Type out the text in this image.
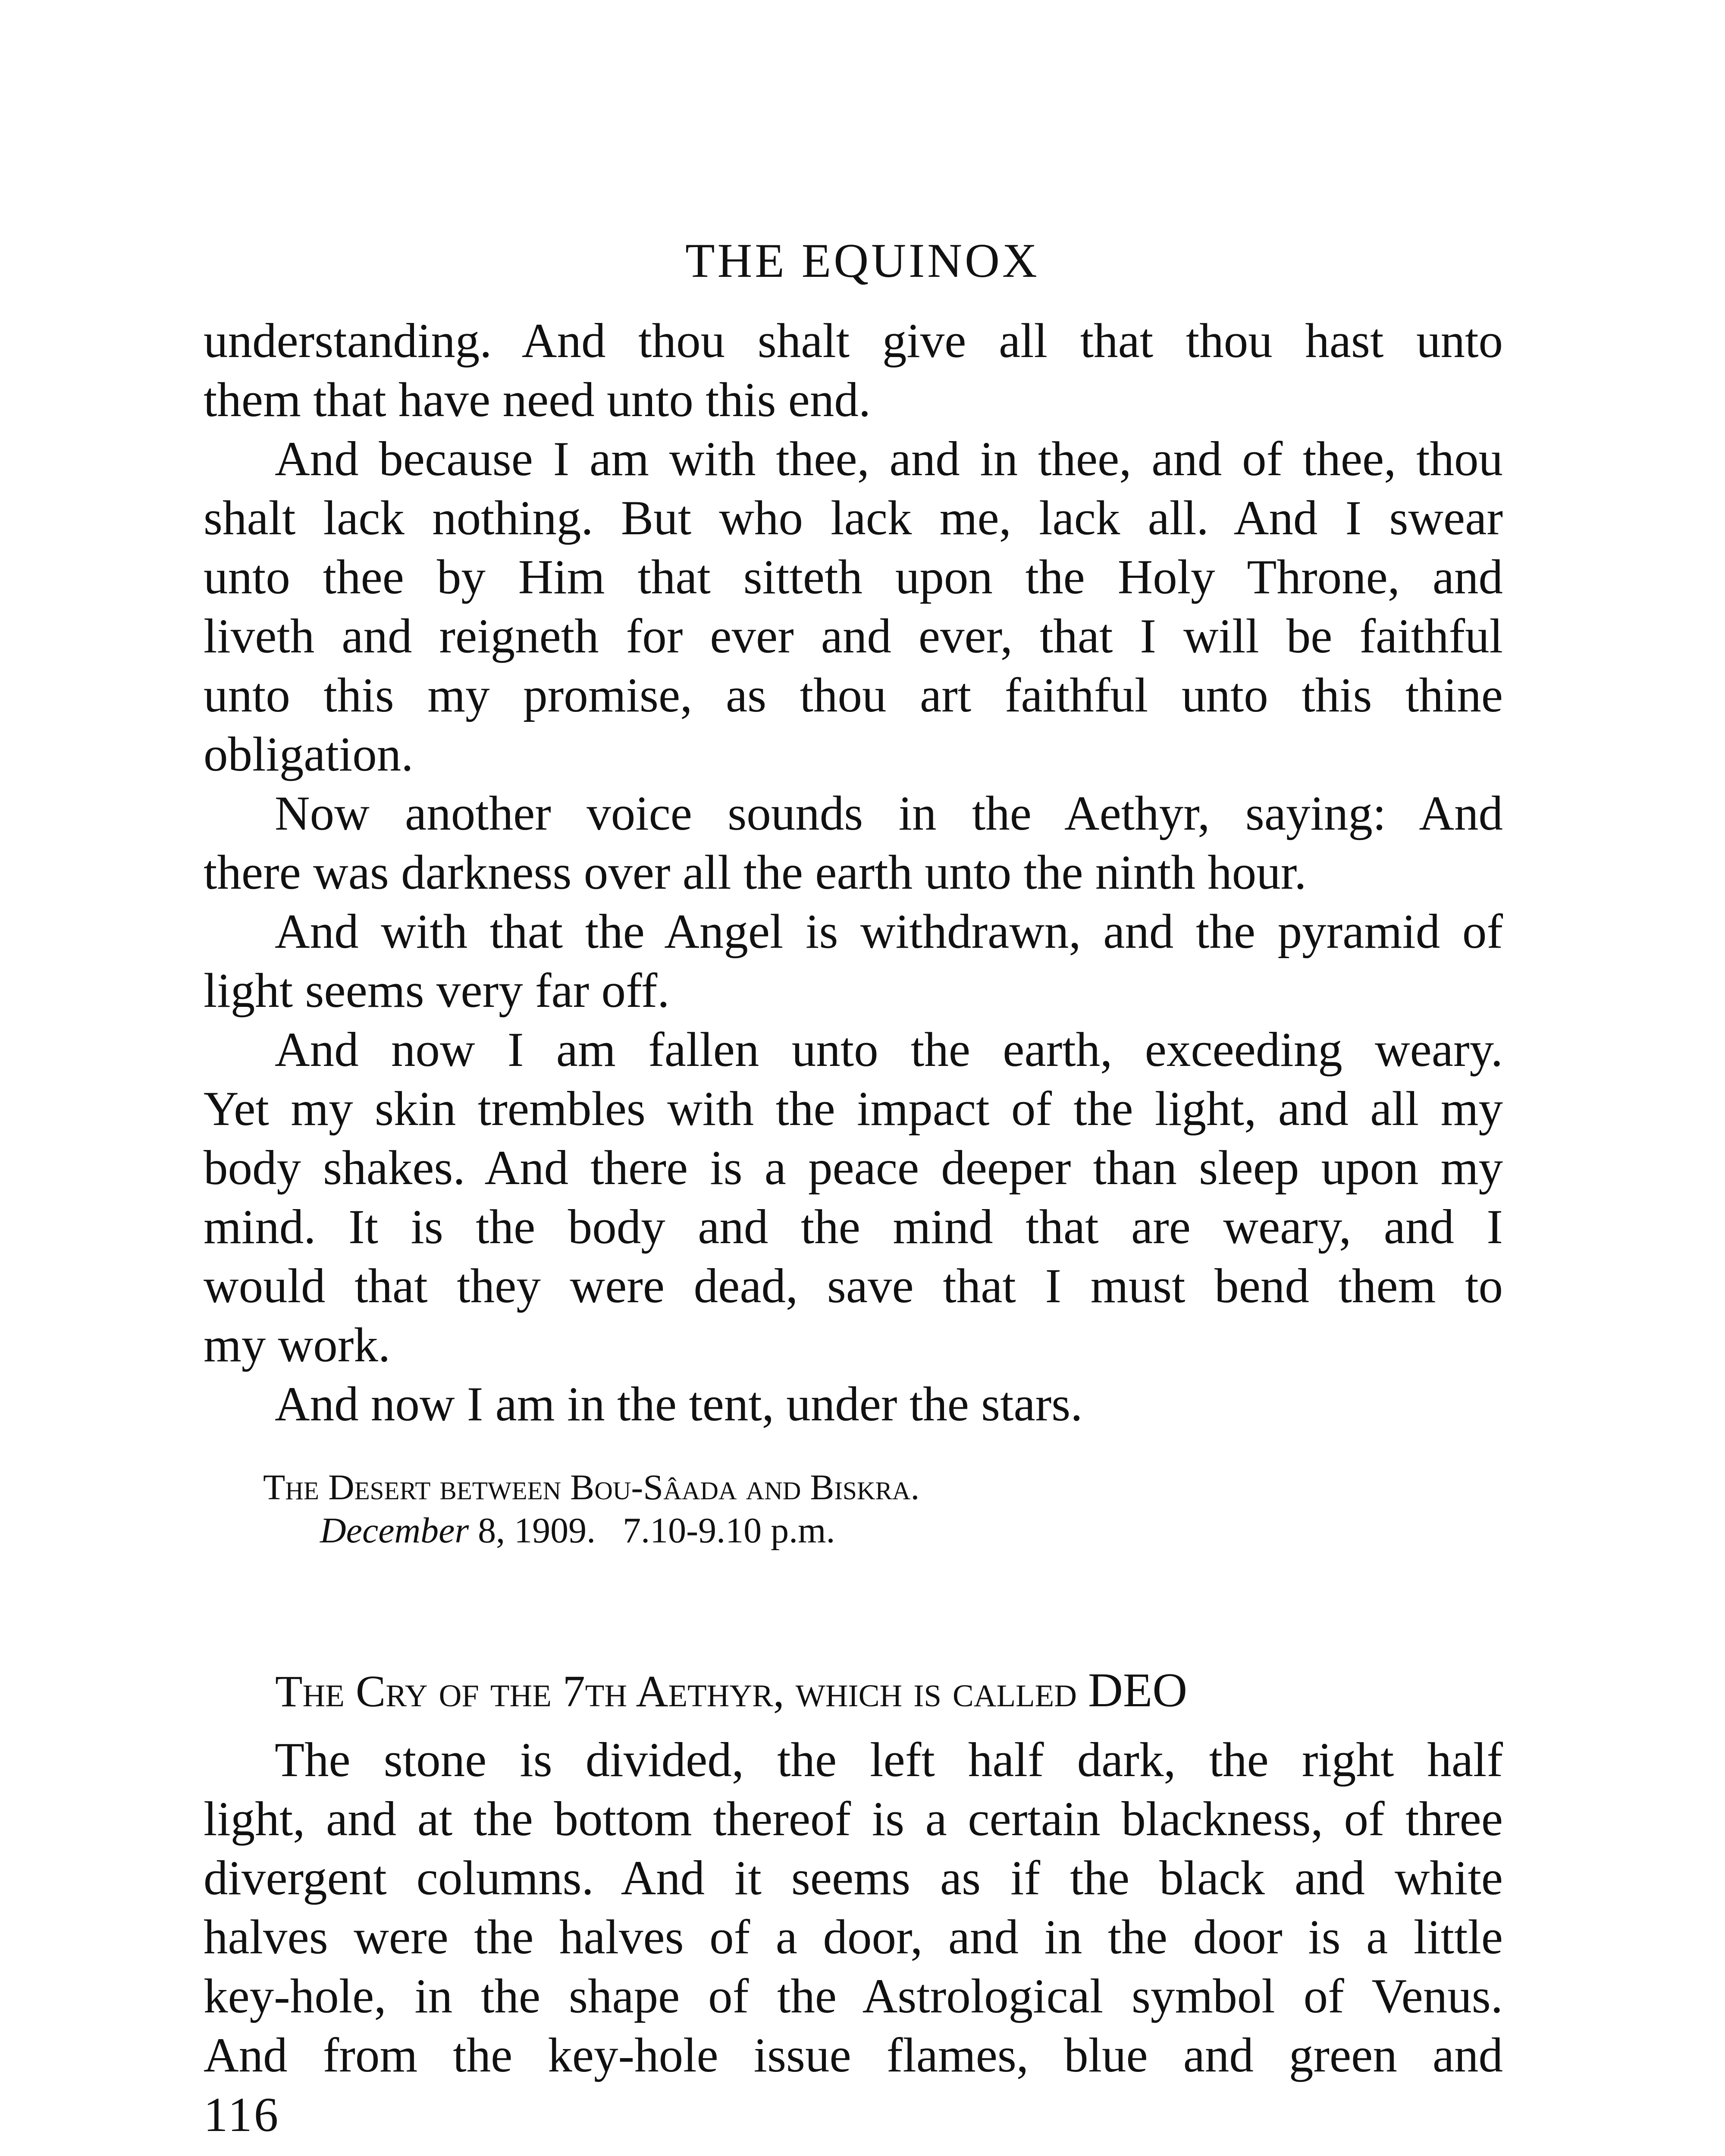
THE EQUINOX
understanding. And thou shalt give all that thou hast unto
them that have need unto this end.
And because I am with thee, and in thee, and of thee, thou
shalt lack nothing. But who lack me, lack all. And I swear
unto thee by Him that sitteth upon the Holy Throne, and
liveth and reigneth for ever and ever, that I will be faithful
unto this my promise, as thou art faithful unto this thine
obligation.
Now another voice sounds in the Aethyr, saying: And
there was darkness over all the earth unto the ninth hour.
And with that the Angel is withdrawn, and the pyramid of
light seems very far off.
And now I am fallen unto the earth, exceeding weary.
Yet my skin trembles with the impact of the light, and all my
body shakes. And there is a peace deeper than sleep upon my
mind. It is the body and the mind that are weary, and I
would that they were dead, save that I must bend them to
my work.
And now I am in the tent, under the stars.
The Desert between Bou-Sâada and Biskra.
December 8, 1909.   7.10-9.10 p.m.
The Cry of the 7th Aethyr, which is called DEO
The stone is divided, the left half dark, the right half
light, and at the bottom thereof is a certain blackness, of three
divergent columns. And it seems as if the black and white
halves were the halves of a door, and in the door is a little
key-hole, in the shape of the Astrological symbol of Venus.
And from the key-hole issue flames, blue and green and
116
